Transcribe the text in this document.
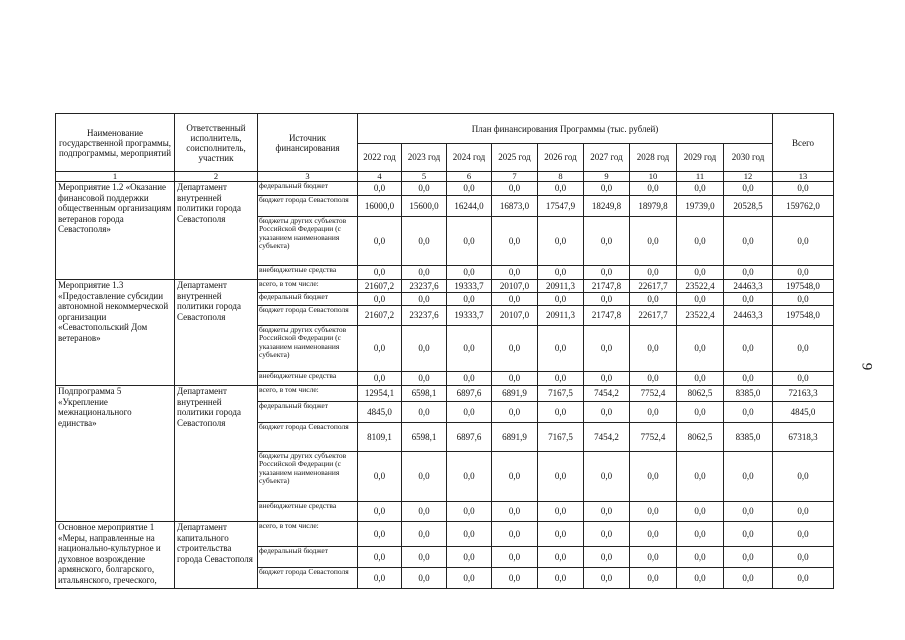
Наименование государственной программы, подпрограммы, мероприятий	Ответственный исполнитель, соисполнитель, участник	Источник финансирования	План финансирования Программы (тыс. рублей)									Всего
			2022 год	2023 год	2024 год	2025 год	2026 год	2027 год	2028 год	2029 год	2030 год	
1	2	3	4	5	6	7	8	9	10	11	12	13
Мероприятие 1.2 «Оказание финансовой поддержки общественным организациям ветеранов города Севастополя»	Департамент внутренней политики города Севастополя	федеральный бюджет	0,0	0,0	0,0	0,0	0,0	0,0	0,0	0,0	0,0	0,0
		бюджет города Севастополя	16000,0	15600,0	16244,0	16873,0	17547,9	18249,8	18979,8	19739,0	20528,5	159762,0
		бюджеты других субъектов Российской Федерации (с указанием наименования субъекта)	0,0	0,0	0,0	0,0	0,0	0,0	0,0	0,0	0,0	0,0
		внебюджетные средства	0,0	0,0	0,0	0,0	0,0	0,0	0,0	0,0	0,0	0,0
Мероприятие 1.3 «Предоставление субсидии автономной некоммерческой организации «Севастопольский Дом ветеранов»	Департамент внутренней политики города Севастополя	всего, в том числе:	21607,2	23237,6	19333,7	20107,0	20911,3	21747,8	22617,7	23522,4	24463,3	197548,0
		федеральный бюджет	0,0	0,0	0,0	0,0	0,0	0,0	0,0	0,0	0,0	0,0
		бюджет города Севастополя	21607,2	23237,6	19333,7	20107,0	20911,3	21747,8	22617,7	23522,4	24463,3	197548,0
		бюджеты других субъектов Российской Федерации (с указанием наименования субъекта)	0,0	0,0	0,0	0,0	0,0	0,0	0,0	0,0	0,0	0,0
		внебюджетные средства	0,0	0,0	0,0	0,0	0,0	0,0	0,0	0,0	0,0	0,0
Подпрограмма 5 «Укрепление межнационального единства»	Департамент внутренней политики города Севастополя	всего, в том числе:	12954,1	6598,1	6897,6	6891,9	7167,5	7454,2	7752,4	8062,5	8385,0	72163,3
		федеральный бюджет	4845,0	0,0	0,0	0,0	0,0	0,0	0,0	0,0	0,0	4845,0
		бюджет города Севастополя	8109,1	6598,1	6897,6	6891,9	7167,5	7454,2	7752,4	8062,5	8385,0	67318,3
		бюджеты других субъектов Российской Федерации (с указанием наименования субъекта)	0,0	0,0	0,0	0,0	0,0	0,0	0,0	0,0	0,0	0,0
		внебюджетные средства	0,0	0,0	0,0	0,0	0,0	0,0	0,0	0,0	0,0	0,0
Основное мероприятие 1 «Меры, направленные на национально-культурное и духовное возрождение армянского, болгарского, итальянского, греческого,	Департамент капитального строительства города Севастополя	всего, в том числе:	0,0	0,0	0,0	0,0	0,0	0,0	0,0	0,0	0,0	0,0
		федеральный бюджет	0,0	0,0	0,0	0,0	0,0	0,0	0,0	0,0	0,0	0,0
		бюджет города Севастополя	0,0	0,0	0,0	0,0	0,0	0,0	0,0	0,0	0,0	0,0
9
